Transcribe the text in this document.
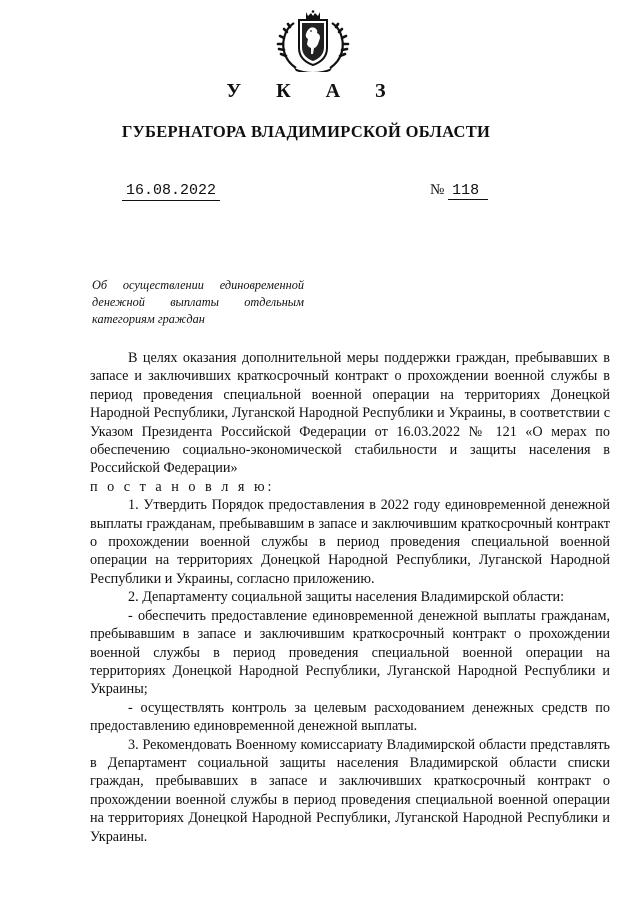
У К А З
ГУБЕРНАТОРА ВЛАДИМИРСКОЙ ОБЛАСТИ
16.08.2022	№ 118
Об осуществлении единовременной денежной выплаты отдельным категориям граждан

В целях оказания дополнительной меры поддержки граждан, пребывавших в запасе и заключивших краткосрочный контракт о прохождении военной службы в период проведения специальной военной операции на территориях Донецкой Народной Республики, Луганской Народной Республики и Украины, в соответствии с Указом Президента Российской Федерации от 16.03.2022 № 121 «О мерах по обеспечению социально-экономической стабильности и защиты населения в Российской Федерации»

п о с т а н о в л я ю:

1. Утвердить Порядок предоставления в 2022 году единовременной денежной выплаты гражданам, пребывавшим в запасе и заключившим краткосрочный контракт о прохождении военной службы в период проведения специальной военной операции на территориях Донецкой Народной Республики, Луганской Народной Республики и Украины, согласно приложению.

2. Департаменту социальной защиты населения Владимирской области:

- обеспечить предоставление единовременной денежной выплаты гражданам, пребывавшим в запасе и заключившим краткосрочный контракт о прохождении военной службы в период проведения специальной военной операции на территориях Донецкой Народной Республики, Луганской Народной Республики и Украины;

- осуществлять контроль за целевым расходованием денежных средств по предоставлению единовременной денежной выплаты.

3. Рекомендовать Военному комиссариату Владимирской области представлять в Департамент социальной защиты населения Владимирской области списки граждан, пребывавших в запасе и заключивших краткосрочный контракт о прохождении военной службы в период проведения специальной военной операции на территориях Донецкой Народной Республики, Луганской Народной Республики и Украины.
